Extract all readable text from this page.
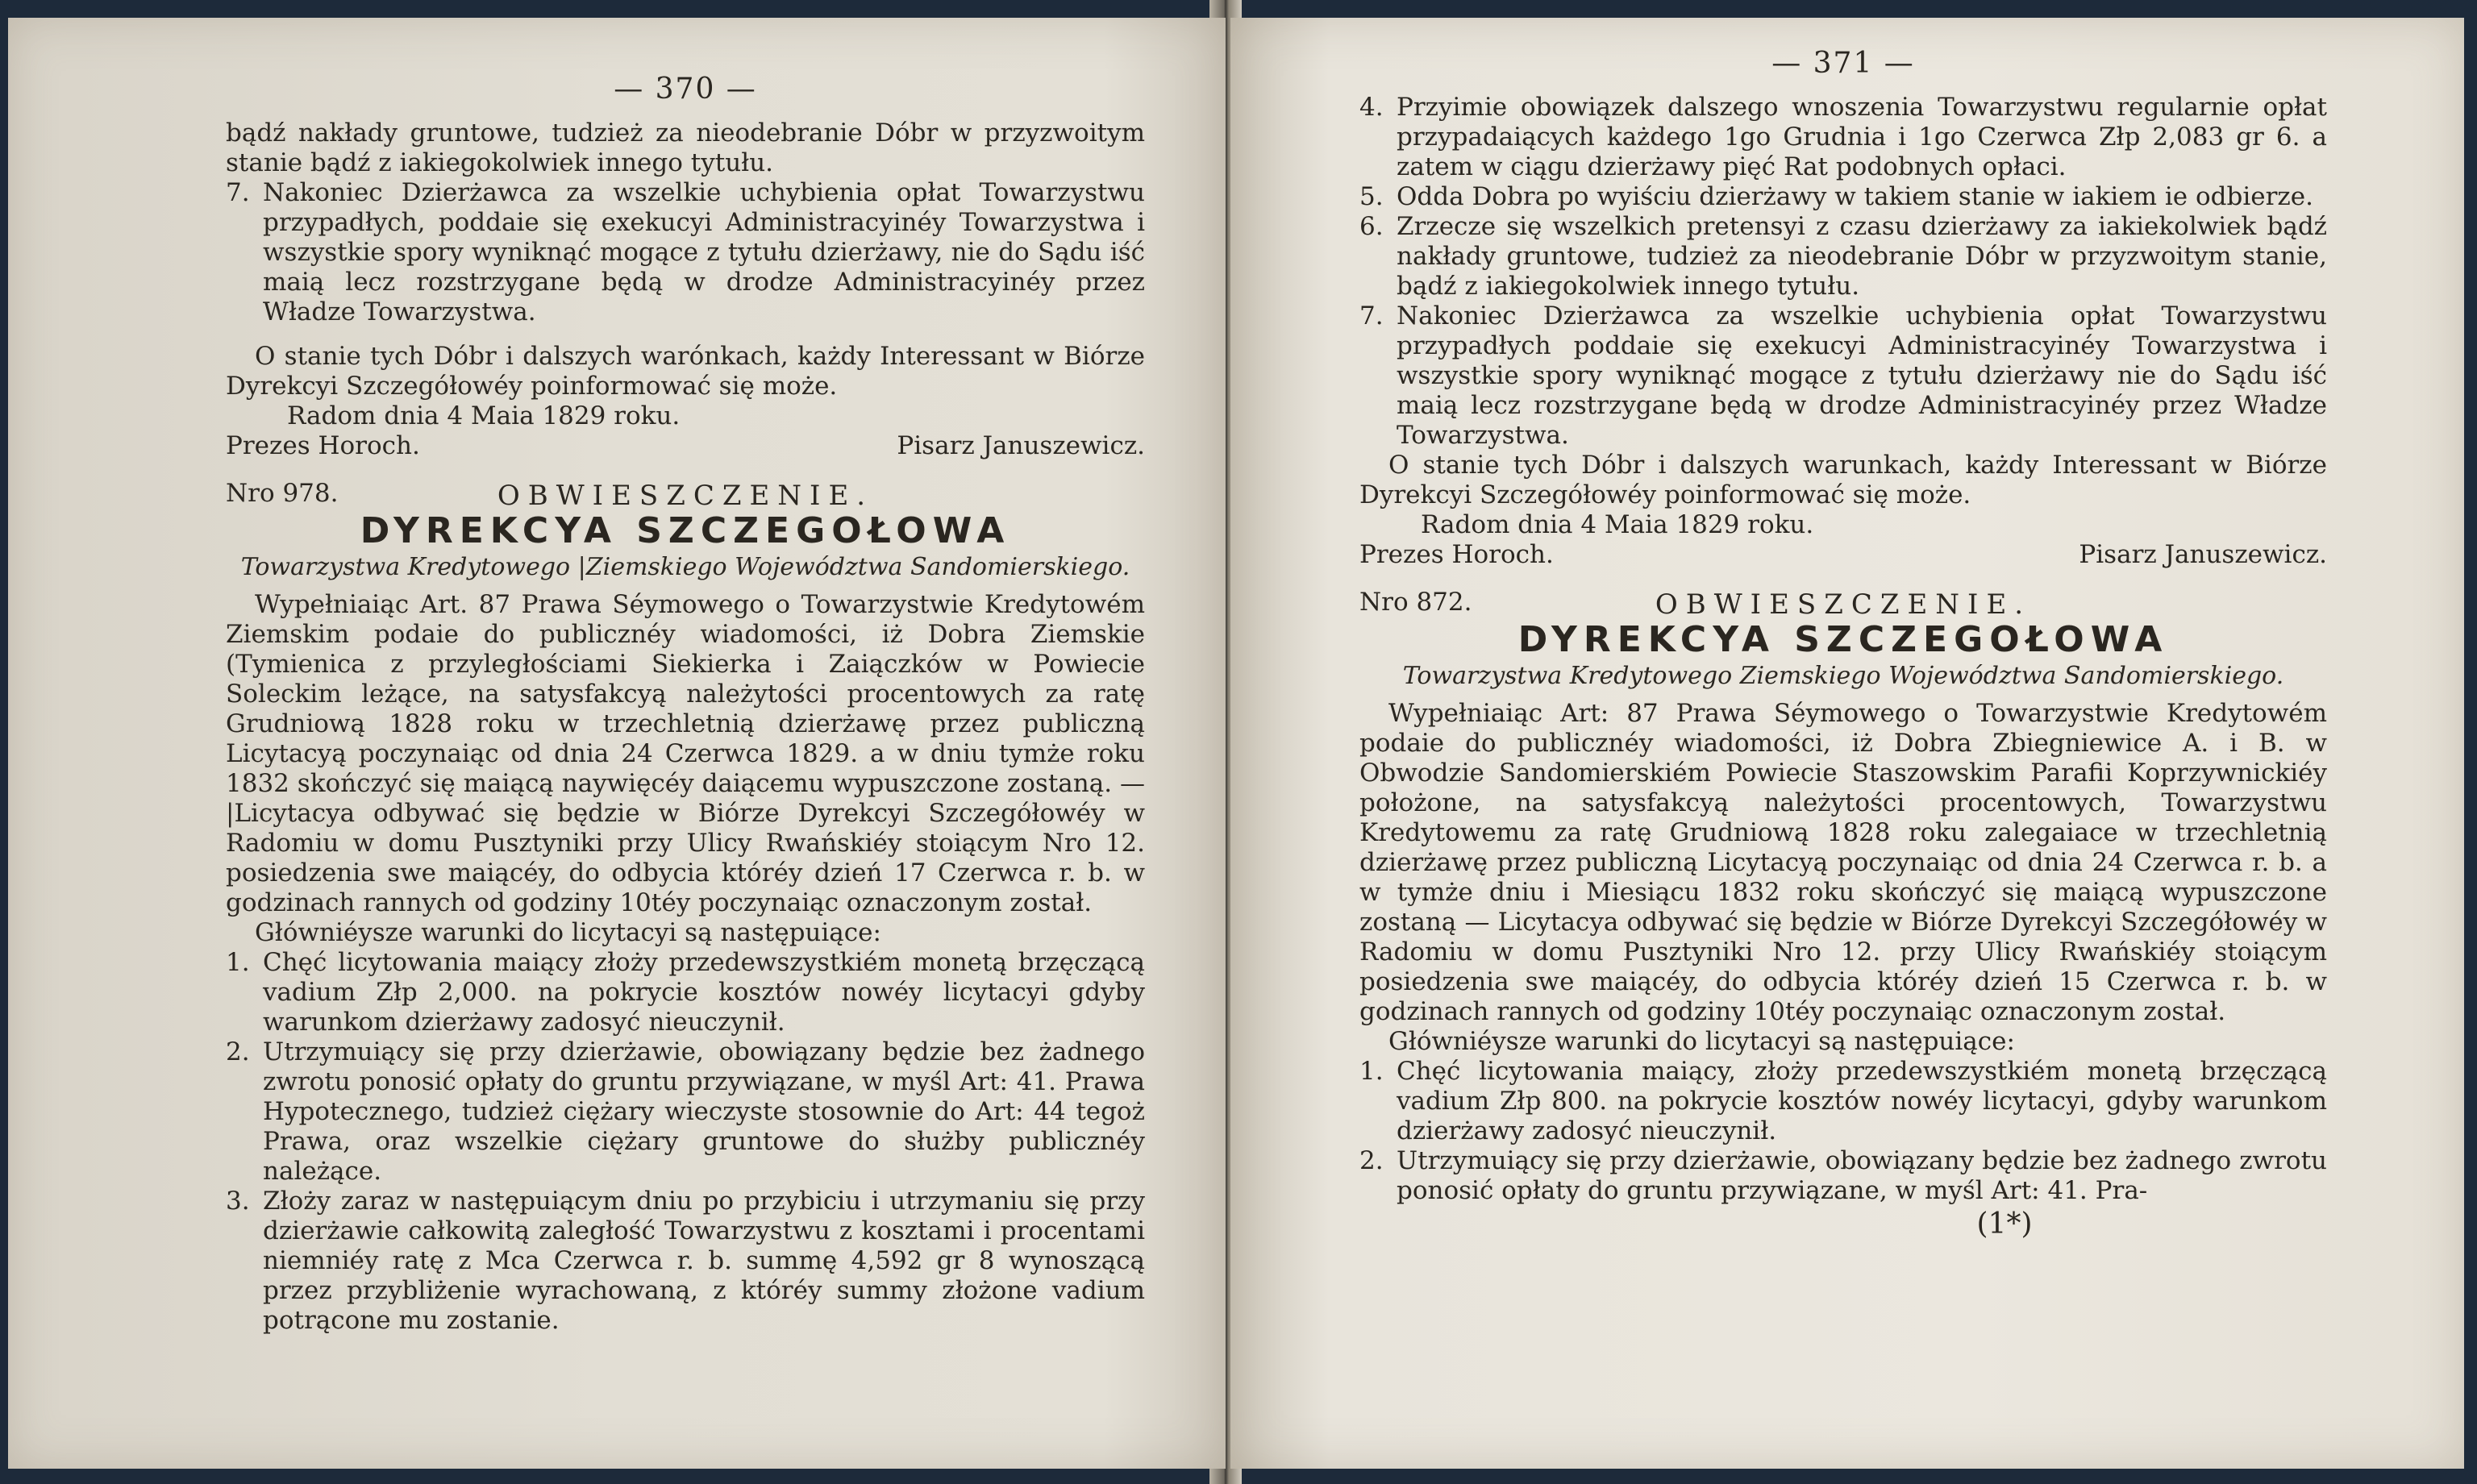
— 370 —

bądź nakłady gruntowe, tudzież za nieodebranie Dóbr w przyzwoitym stanie bądź z iakiegokolwiek innego tytułu.

7. Nakoniec Dzierżawca za wszelkie uchybienia opłat Towarzystwu przypadłych, poddaie się exekucyi Administracyinéy Towarzystwa i wszystkie spory wyniknąć mogące z tytułu dzierżawy, nie do Sądu iść maią lecz rozstrzygane będą w drodze Administracyinéy przez Władze Towarzystwa.

O stanie tych Dóbr i dalszych warónkach, każdy Interessant w Biórze Dyrekcyi Szczegółowéy poinformować się może.

Radom dnia 4 Maia 1829 roku.

Prezes Horoch.	Pisarz Januszewicz.
Nro 978.	OBWIESZCZENIE.
DYREKCYA SZCZEGOŁOWA
Towarzystwa Kredytowego |Ziemskiego Województwa Sandomierskiego.

Wypełniaiąc Art. 87 Prawa Séymowego o Towarzystwie Kredytowém Ziemskim podaie do publicznéy wiadomości, iż Dobra Ziemskie (Tymienica z przyległościami Siekierka i Zaiączków w Powiecie Soleckim leżące, na satysfakcyą należytości procentowych za ratę Grudniową 1828 roku w trzechletnią dzierżawę przez publiczną Licytacyą poczynaiąc od dnia 24 Czerwca 1829. a w dniu tymże roku 1832 skończyć się maiącą naywięcéy daiącemu wypuszczone zostaną. — |Licytacya odbywać się będzie w Biórze Dyrekcyi Szczegółowéy w Radomiu w domu Pusztyniki przy Ulicy Rwańskiéy stoiącym Nro 12. posiedzenia swe maiącéy, do odbycia któréy dzień 17 Czerwca r. b. w godzinach rannych od godziny 10téy poczynaiąc oznaczonym został.

Główniéysze warunki do licytacyi są następuiące:

1. Chęć licytowania maiący złoży przedewszystkiém monetą brzęczącą vadium Złp 2,000. na pokrycie kosztów nowéy licytacyi gdyby warunkom dzierżawy zadosyć nieuczynił.
2. Utrzymuiący się przy dzierżawie, obowiązany będzie bez żadnego zwrotu ponosić opłaty do gruntu przywiązane, w myśl Art: 41. Prawa Hypotecznego, tudzież ciężary wieczyste stosownie do Art: 44 tegoż Prawa, oraz wszelkie ciężary gruntowe do służby publicznéy należące.
3. Złoży zaraz w następuiącym dniu po przybiciu i utrzymaniu się przy dzierżawie całkowitą zaległość Towarzystwu z kosztami i procentami niemniéy ratę z Mca Czerwca r. b. summę 4,592 gr 8 wynoszącą przez przybliżenie wyrachowaną, z któréy summy złożone vadium potrącone mu zostanie.
— 371 —
4. Przyimie obowiązek dalszego wnoszenia Towarzystwu regularnie opłat przypadaiących każdego 1go Grudnia i 1go Czerwca Złp 2,083 gr 6. a zatem w ciągu dzierżawy pięć Rat podobnych opłaci.
5. Odda Dobra po wyiściu dzierżawy w takiem stanie w iakiem ie odbierze.
6. Zrzecze się wszelkich pretensyi z czasu dzierżawy za iakiekolwiek bądź nakłady gruntowe, tudzież za nieodebranie Dóbr w przyzwoitym stanie, bądź z iakiegokolwiek innego tytułu.
7. Nakoniec Dzierżawca za wszelkie uchybienia opłat Towarzystwu przypadłych poddaie się exekucyi Administracyinéy Towarzystwa i wszystkie spory wyniknąć mogące z tytułu dzierżawy nie do Sądu iść maią lecz rozstrzygane będą w drodze Administracyinéy przez Władze Towarzystwa.

O stanie tych Dóbr i dalszych warunkach, każdy Interessant w Biórze Dyrekcyi Szczegółowéy poinformować się może.

Radom dnia 4 Maia 1829 roku.

Prezes Horoch.	Pisarz Januszewicz.
Nro 872.	OBWIESZCZENIE.
DYREKCYA SZCZEGOŁOWA
Towarzystwa Kredytowego Ziemskiego Województwa Sandomierskiego.

Wypełniaiąc Art: 87 Prawa Séymowego o Towarzystwie Kredytowém podaie do publicznéy wiadomości, iż Dobra Zbiegniewice A. i B. w Obwodzie Sandomierskiém Powiecie Staszowskim Parafii Koprzywnickiéy położone, na satysfakcyą należytości procentowych, Towarzystwu Kredytowemu za ratę Grudniową 1828 roku zalegaiace w trzechletnią dzierżawę przez publiczną Licytacyą poczynaiąc od dnia 24 Czerwca r. b. a w tymże dniu i Miesiącu 1832 roku skończyć się maiącą wypuszczone zostaną — Licytacya odbywać się będzie w Biórze Dyrekcyi Szczegółowéy w Radomiu w domu Pusztyniki Nro 12. przy Ulicy Rwańskiéy stoiącym posiedzenia swe maiącéy, do odbycia któréy dzień 15 Czerwca r. b. w godzinach rannych od godziny 10téy poczynaiąc oznaczonym został.

Główniéysze warunki do licytacyi są następuiące:

1. Chęć licytowania maiący, złoży przedewszystkiém monetą brzęczącą vadium Złp 800. na pokrycie kosztów nowéy licytacyi, gdyby warunkom dzierżawy zadosyć nieuczynił.
2. Utrzymuiący się przy dzierżawie, obowiązany będzie bez żadnego zwrotu ponosić opłaty do gruntu przywiązane, w myśl Art: 41. Pra-
(1*)
